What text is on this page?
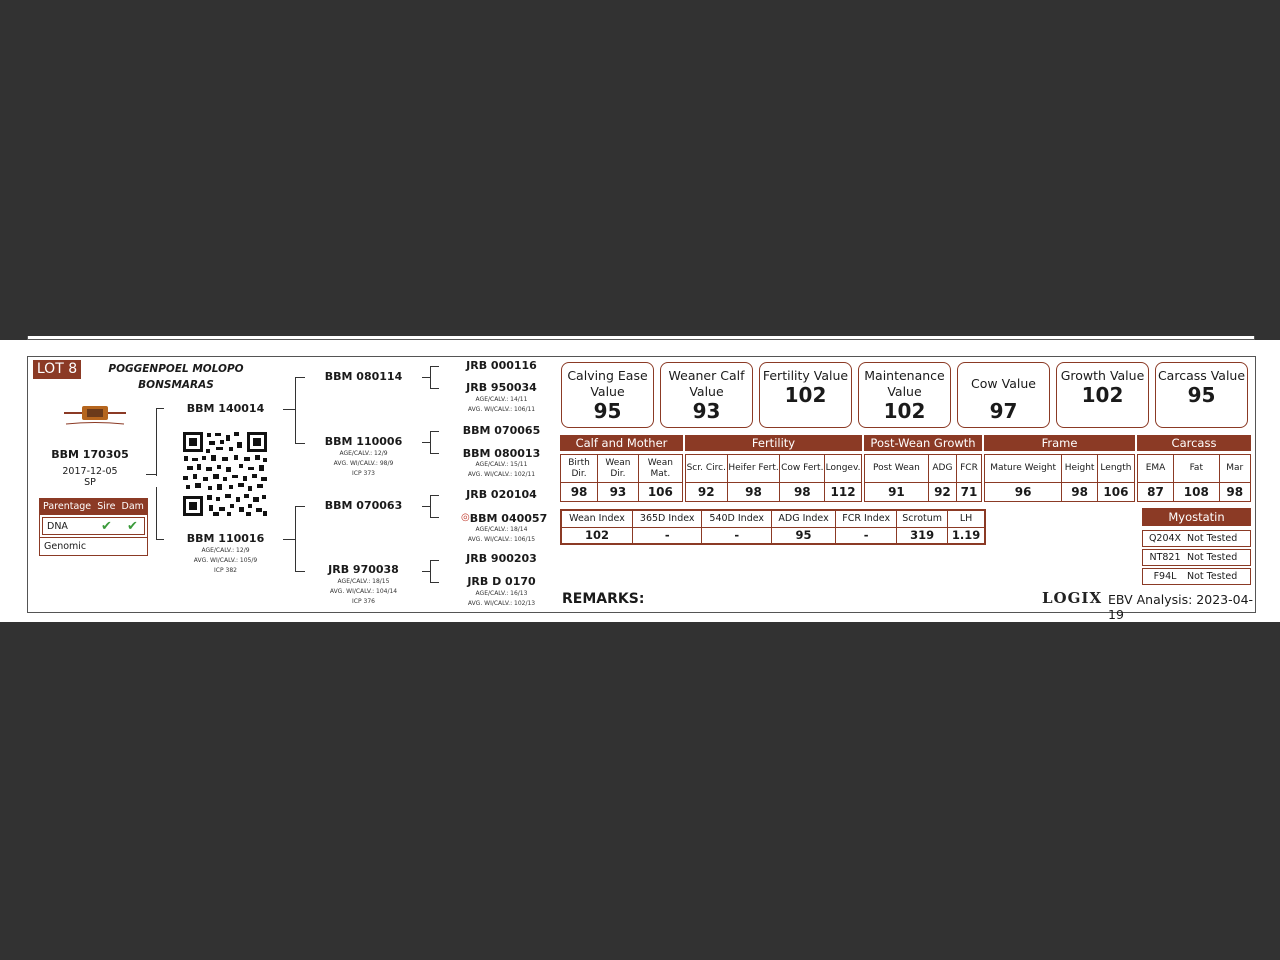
LOT 8	POGGENPOEL MOLOPO
BONSMARAS
BBM 170305
2017-12-05
SP
Parentage Sire Dam
DNA	✔	✔
Genomic
BBM 140014
BBM 110016
AGE/CALV.: 12/9
AVG. WI/CALV.: 105/9
ICP 382
BBM 080114
BBM 110006
AGE/CALV.: 12/9
AVG. WI/CALV.: 98/9
ICP 373
BBM 070063
JRB 970038
AGE/CALV.: 18/15
AVG. WI/CALV.: 104/14
ICP 376
JRB 000116
JRB 950034
AGE/CALV.: 14/11
AVG. WI/CALV.: 106/11
BBM 070065
BBM 080013
AGE/CALV.: 15/11
AVG. WI/CALV.: 102/11
JRB 020104
◎ BBM 040057
AGE/CALV.: 18/14
AVG. WI/CALV.: 106/15
JRB 900203
JRB D 0170
AGE/CALV.: 16/13
AVG. WI/CALV.: 102/13
Calving Ease Value
95
Weaner Calf Value
93
Fertility Value
102
Maintenance Value
102
Cow Value
97
Growth Value
102
Carcass Value
95
Calf and Mother	Fertility	Post-Wean Growth	Frame	Carcass
Birth Dir.	Wean Dir.	Wean Mat.
98	93	106
Scr. Circ.	Heifer Fert.	Cow Fert.	Longev.
92	98	98	112
Post Wean	ADG	FCR
91	92	71
Mature Weight	Height	Length
96	98	106
EMA	Fat	Mar
87	108	98
Wean Index	365D Index	540D Index	ADG Index	FCR Index	Scrotum	LH
102	-	-	95	-	319	1.19
Myostatin
Q204X Not Tested
NT821 Not Tested
F94L	Not Tested
REMARKS:	LOGIX EBV Analysis: 2023-04-19
